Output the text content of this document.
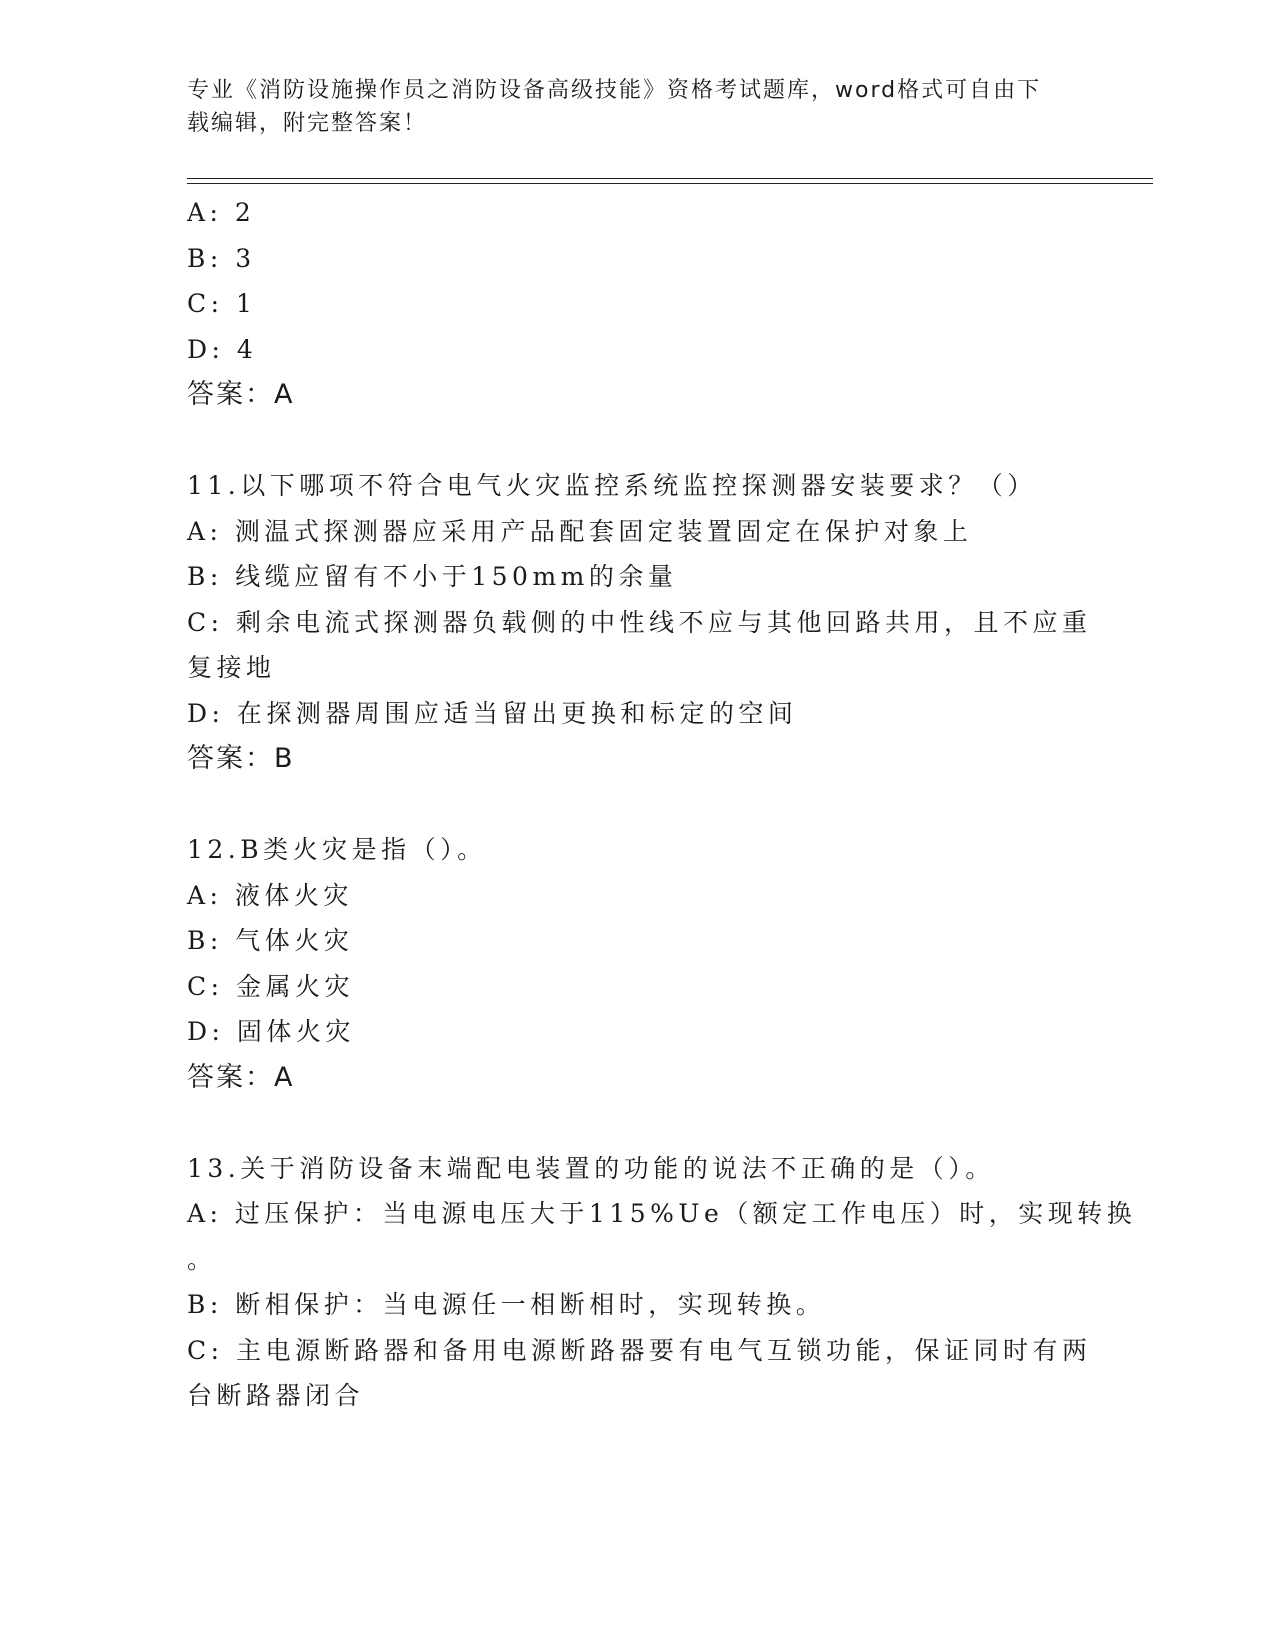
专业《消防设施操作员之消防设备高级技能》资格考试题库，word格式可自由下
载编辑，附完整答案！
A: 2
B: 3
C: 1
D: 4
答案：A
11.以下哪项不符合电气火灾监控系统监控探测器安装要求？（）
A: 测温式探测器应采用产品配套固定装置固定在保护对象上
B: 线缆应留有不小于150mm的余量
C: 剩余电流式探测器负载侧的中性线不应与其他回路共用，且不应重
复接地
D: 在探测器周围应适当留出更换和标定的空间
答案：B
12.B类火灾是指（）。
A: 液体火灾
B: 气体火灾
C: 金属火灾
D: 固体火灾
答案：A
13.关于消防设备末端配电装置的功能的说法不正确的是（）。
A: 过压保护：当电源电压大于115%Ue（额定工作电压）时，实现转换
。
B: 断相保护：当电源任一相断相时，实现转换。
C: 主电源断路器和备用电源断路器要有电气互锁功能，保证同时有两
台断路器闭合
